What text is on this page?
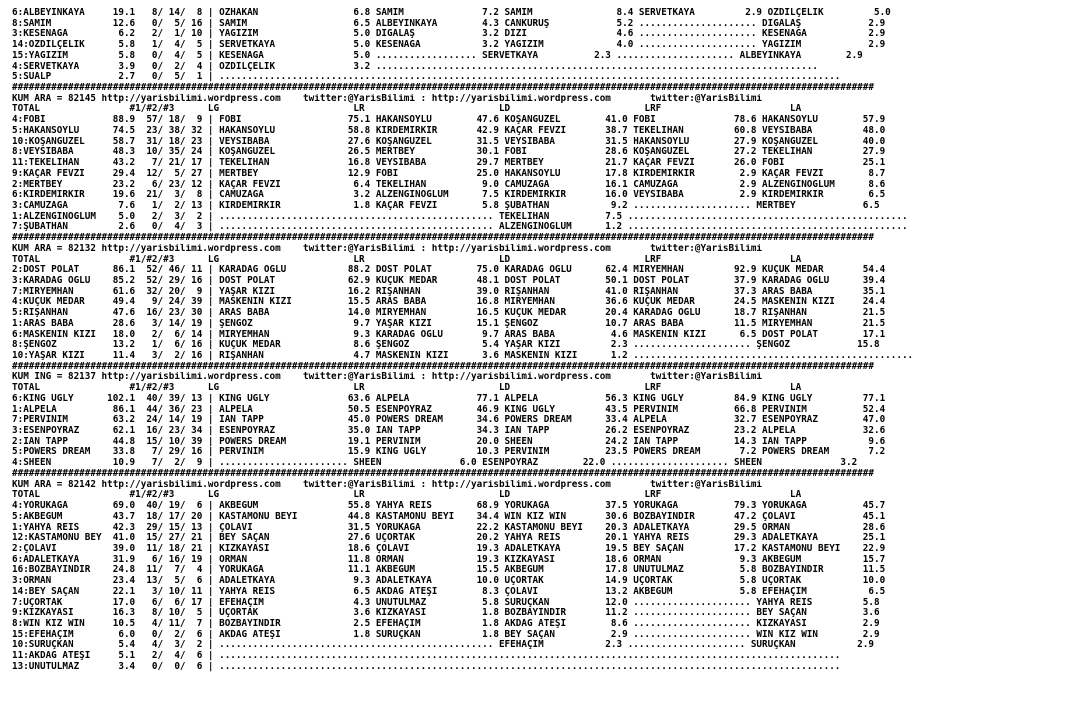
6:ALBEYİNKAYA     19.1   8/ 14/  8 | ÖZHAKAN                 6.8 SAMİM              7.2 SAMİM               8.4 SERVETKAYA         2.9 ÖZDİLÇELİK         5.0
8:SAMİM           12.6   0/  5/ 16 | SAMİM                   6.5 ALBEYİNKAYA        4.3 CANKURUŞ            5.2 ..................... DİGALAŞ            2.9
3:KESENAĞA         6.2   2/  1/ 10 | YAĞIZIM                 5.0 DİGALAŞ            3.2 DİZİ                4.6 ..................... KESENAĞA           2.9
14:ÖZDİLÇELİK      5.8   1/  4/  5 | SERVETKAYA              5.0 KESENAĞA           3.2 YAĞIZIM             4.0 ..................... YAĞIZIM            2.9
15:YAĞIZIM         5.8   0/  4/  5 | KESENAĞA                5.0 .................. SERVETKAYA          2.3 ..................... ALBEYİNKAYA        2.9
4:SERVETKAYA       3.9   0/  2/  4 | ÖZDİLÇELİK              3.2 ...............................................................................
5:SUALP            2.7   0/  5/  1 | ...............................................................................................................
##########################################################################################################################################################
KUM ARA = 82145 http://yarisbilimi.wordpress.com    twitter:@YarisBilimi : http://yarisbilimi.wordpress.com       twitter:@YarisBilimi
TOTAL                #1/#2/#3      LG                        LR                        LD                        LRF                       LA
4:FOBİ            88.9  57/ 18/  9 | FOBİ                   75.1 HAKANSOYLU        47.6 KOŞANGÜZEL        41.0 FOBİ              78.6 HAKANSOYLU        57.9
5:HAKANSOYLU      74.5  23/ 38/ 32 | HAKANSOYLU             58.8 KIRDEMİRKIR       42.9 KAÇAR FEVZİ       38.7 TEKELİHAN         60.8 VEYSİBABA         48.0
10:KOŞANGÜZEL     58.7  31/ 18/ 23 | VEYSİBABA              27.6 KOŞANGÜZEL        31.5 VEYSİBABA         31.5 HAKANSOYLU        27.9 KOŞANGÜZEL        40.0
8:VEYSİBABA       48.3  10/ 35/ 24 | KOŞANGÜZEL             26.5 MERTBEY           30.1 FOBİ              28.6 KOŞANGÜZEL        27.2 TEKELİHAN         27.9
11:TEKELİHAN      43.2   7/ 21/ 17 | TEKELİHAN              16.8 VEYSİBABA         29.7 MERTBEY           21.7 KAÇAR FEVZİ       26.0 FOBİ              25.1
9:KAÇAR FEVZİ     29.4  12/  5/ 27 | MERTBEY                12.9 FOBİ              25.0 HAKANSOYLU        17.8 KIRDEMİRKIR        2.9 KAÇAR FEVZİ        8.7
2:MERTBEY         23.2   6/ 23/ 12 | KAÇAR FEVZİ             6.4 TEKELİHAN          9.0 CAMUZAĞA          16.1 CAMUZAĞA           2.9 ALZENGİNOĞLUM      8.6
6:KIRDEMİRKIR     19.6  21/  3/  8 | CAMUZAĞA                3.2 ALZENGİNOĞLUM      7.5 KIRDEMİRKIR       16.0 VEYSİBABA          2.9 KIRDEMİRKIR        6.5
3:CAMUZAĞA         7.6   1/  2/ 13 | KIRDEMİRKIR             1.8 KAÇAR FEVZİ        5.8 ŞUBATHAN           9.2 ..................... MERTBEY            6.5
1:ALZENGİNOĞLUM    5.0   2/  3/  2 | ................................................. TEKELİHAN          7.5 ..................................................
7:ŞUBATHAN         2.6   0/  4/  3 | ................................................. ALZENGİNOĞLUM      1.2 ..................................................
##########################################################################################################################################################
KUM ARA = 82132 http://yarisbilimi.wordpress.com    twitter:@YarisBilimi : http://yarisbilimi.wordpress.com       twitter:@YarisBilimi
TOTAL                #1/#2/#3      LG                        LR                        LD                        LRF                       LA
2:DOST POLAT      86.1  52/ 46/ 11 | KARADAĞ OĞLU           88.2 DOST POLAT        75.0 KARADAĞ OĞLU      62.4 MİRYEMHAN         92.9 KÜÇÜK MEDAR       54.4
3:KARADAĞ OĞLU    85.2  52/ 29/ 16 | DOST POLAT             62.9 KÜÇÜK MEDAR       48.1 DOST POLAT        50.1 DOST POLAT        37.9 KARADAĞ OĞLU      39.4
7:MİRYEMHAN       61.6  32/ 20/  9 | YAŞAR KIZI             16.2 RİŞANHAN          39.0 RİŞANHAN          41.0 RİŞANHAN          37.3 ARAS BABA         35.1
4:KÜÇÜK MEDAR     49.4   9/ 24/ 39 | MASKENİN KIZI          15.5 ARAS BABA         16.8 MİRYEMHAN         36.6 KÜÇÜK MEDAR       24.5 MASKENİN KIZI     24.4
5:RİŞANHAN        47.6  16/ 23/ 30 | ARAS BABA              14.0 MİRYEMHAN         16.5 KÜÇÜK MEDAR       20.4 KARADAĞ OĞLU      18.7 RİŞANHAN          21.5
1:ARAS BABA       28.6   3/ 14/ 19 | ŞENGÖZ                  9.7 YAŞAR KIZI        15.1 ŞENGÖZ            10.7 ARAS BABA         11.5 MİRYEMHAN         21.5
6:MASKENİN KIZI   18.0   2/  6/ 14 | MİRYEMHAN               9.3 KARADAĞ OĞLU       9.7 ARAS BABA          4.6 MASKENİN KIZI      6.5 DOST POLAT        17.1
8:ŞENGÖZ          13.2   1/  6/ 16 | KÜÇÜK MEDAR             8.6 ŞENGÖZ             5.4 YAŞAR KIZI         2.3 ..................... ŞENGÖZ            15.8
10:YAŞAR KIZI     11.4   3/  2/ 16 | RİŞANHAN                4.7 MASKENİN KIZI      3.6 MASKENİN KIZI      1.2 ..................................................
##########################################################################################################################################################
KUM ING = 82137 http://yarisbilimi.wordpress.com    twitter:@YarisBilimi : http://yarisbilimi.wordpress.com       twitter:@YarisBilimi
TOTAL                #1/#2/#3      LG                        LR                        LD                        LRF                       LA
6:KING UGLY      102.1  40/ 39/ 13 | KING UGLY              63.6 ALPELA            77.1 ALPELA            56.3 KING UGLY         84.9 KING UGLY         77.1
1:ALPELA          86.1  44/ 36/ 23 | ALPELA                 50.5 ESENPOYRAZ        46.9 KING UGLY         43.5 PERVİNİM          66.8 PERVİNİM          52.4
7:PERVİNİM        63.2  24/ 14/ 19 | IAN TAPP               45.0 POWERS DREAM      34.6 POWERS DREAM      33.4 ALPELA            32.7 ESENPOYRAZ        47.0
3:ESENPOYRAZ      62.1  16/ 23/ 34 | ESENPOYRAZ             35.0 IAN TAPP          34.3 IAN TAPP          26.2 ESENPOYRAZ        23.2 ALPELA            32.6
2:IAN TAPP        44.8  15/ 10/ 39 | POWERS DREAM           19.1 PERVİNİM          20.0 SHEEN             24.2 IAN TAPP          14.3 IAN TAPP           9.6
5:POWERS DREAM    33.8   7/ 29/ 16 | PERVİNİM               15.9 KING UGLY         10.3 PERVİNİM          23.5 POWERS DREAM       7.2 POWERS DREAM       7.2
4:SHEEN           10.9   7/  2/  9 | ....................... SHEEN              6.0 ESENPOYRAZ        22.0 ..................... SHEEN              3.2
##########################################################################################################################################################
KUM ARA = 82142 http://yarisbilimi.wordpress.com    twitter:@YarisBilimi : http://yarisbilimi.wordpress.com       twitter:@YarisBilimi
TOTAL                #1/#2/#3      LG                        LR                        LD                        LRF                       LA
4:YÖRÜKAĞA        69.0  40/ 19/  6 | AKBEGÜM                55.8 YAHYA REİS        68.9 YÖRÜKAĞA          37.5 YÖRÜKAĞA          79.3 YÖRÜKAĞA          45.7
5:AKBEGÜM         43.7  18/ 17/ 20 | KASTAMONU BEYİ         44.8 KASTAMONU BEYİ    34.4 WIN KIZ WIN       30.6 BOZBAYINDIR       47.2 ÇOLAVİ            45.1
1:YAHYA REİS      42.3  29/ 15/ 13 | ÇOLAVİ                 31.5 YÖRÜKAĞA          22.2 KASTAMONU BEYİ    20.3 ADALETKAYA        29.5 ORMAN             28.6
12:KASTAMONU BEY  41.0  15/ 27/ 21 | BEY SAÇAN              27.6 ÜÇORTAK           20.2 YAHYA REİS        20.1 YAHYA REİS        29.3 ADALETKAYA        25.1
2:ÇOLAVİ          39.0  11/ 18/ 21 | KIZKAYASI              18.6 ÇOLAVİ            19.3 ADALETKAYA        19.5 BEY SAÇAN         17.2 KASTAMONU BEYİ    22.9
6:ADALETKAYA      31.9   6/ 16/ 19 | ORMAN                  11.8 ORMAN             19.3 KIZKAYASI         18.6 ORMAN              9.3 AKBEGÜM           15.7
16:BOZBAYINDIR    24.8  11/  7/  4 | YÖRÜKAĞA               11.1 AKBEGÜM           15.5 AKBEGÜM           17.8 UNUTULMAZ          5.8 BOZBAYINDIR       11.5
3:ORMAN           23.4  13/  5/  6 | ADALETKAYA              9.3 ADALETKAYA        10.0 ÜÇORTAK           14.9 ÜÇORTAK            5.8 ÜÇORTAK           10.0
14:BEY SAÇAN      22.1   3/ 10/ 11 | YAHYA REİS              6.5 AKDAĞ ATEŞİ        8.3 ÇOLAVİ            13.2 AKBEGÜM            5.8 EFEHAÇIM           6.5
7:ÜÇORTAK         17.0   6/  6/ 17 | EFEHAÇIM                4.3 UNUTULMAZ          5.8 SURUÇKAN          12.0 ..................... YAHYA REİS         5.8
9:KIZKAYASI       16.3   8/ 10/  5 | ÜÇORTAK                 3.6 KIZKAYASI          1.8 BOZBAYINDIR       11.2 ..................... BEY SAÇAN          3.6
8:WIN KIZ WIN     10.5   4/ 11/  7 | BOZBAYINDIR             2.5 EFEHAÇIM           1.8 AKDAĞ ATEŞİ        8.6 ..................... KIZKAYASI          2.9
15:EFEHAÇIM        6.0   0/  2/  6 | AKDAĞ ATEŞİ             1.8 SURUÇKAN           1.8 BEY SAÇAN          2.9 ..................... WIN KIZ WIN        2.9
10:SURUÇKAN        5.4   4/  3/  2 | ................................................. EFEHAÇIM           2.3 ..................... SURUÇKAN           2.9
11:AKDAĞ ATEŞİ     5.1   2/  4/  6 | ...............................................................................................................
13:UNUTULMAZ       3.4   0/  0/  6 | ...............................................................................................................
